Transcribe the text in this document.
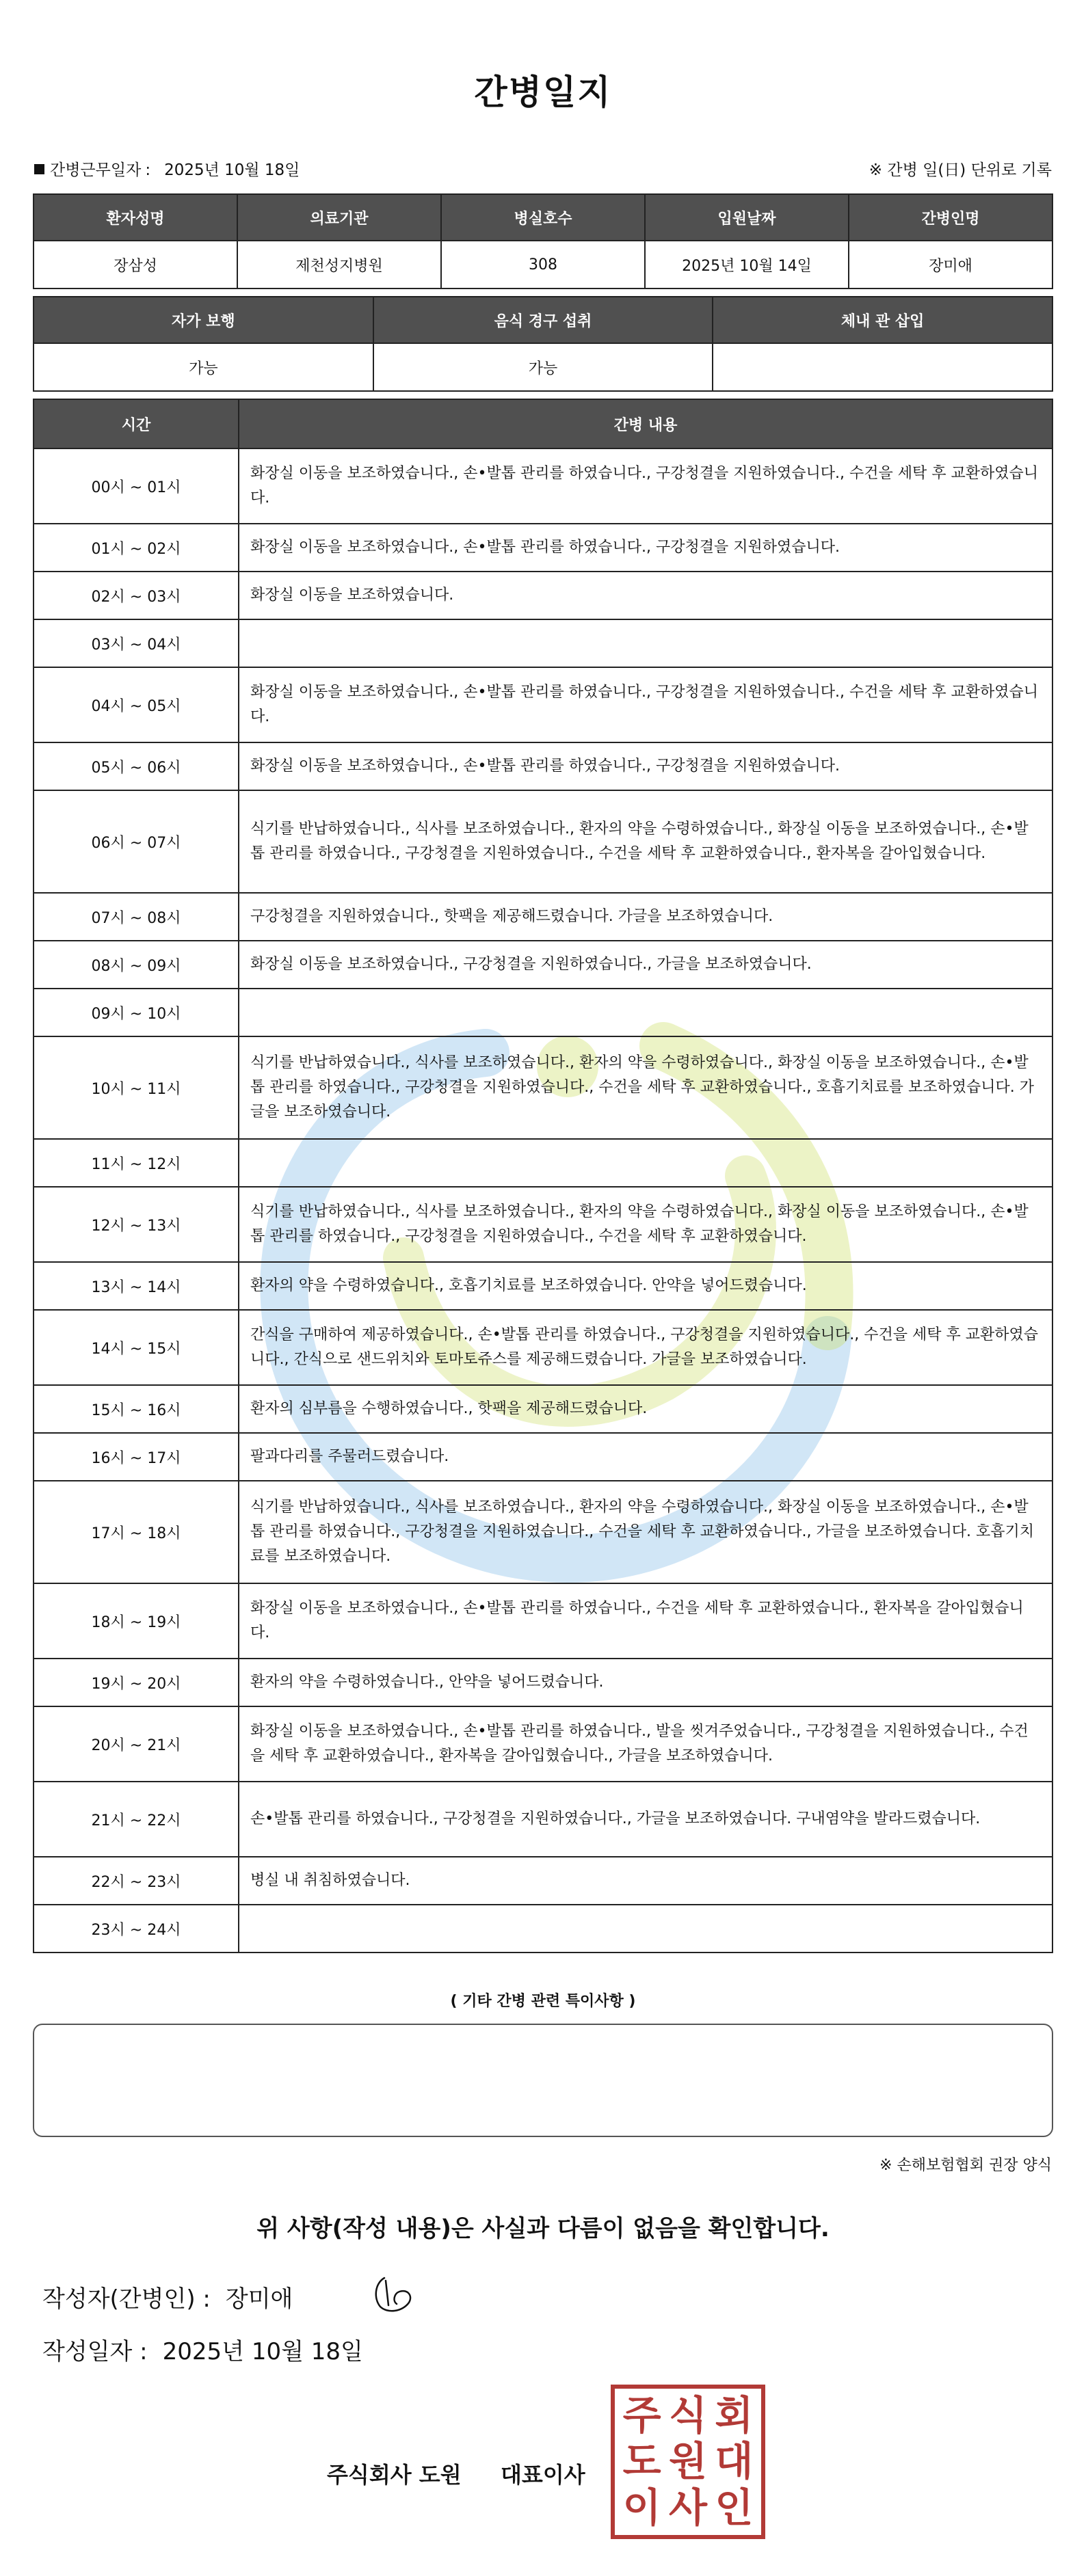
간병일지
간병근무일자 : 2025년 10월 18일	※ 간병 일(日) 단위로 기록
환자성명	의료기관	병실호수	입원날짜	간병인명
장삼성	제천성지병원	308	2025년 10월 14일	장미애
자가 보행	음식 경구 섭취	체내 관 삽입
가능	가능	
시간	간병 내용
00시 ~ 01시	화장실 이동을 보조하였습니다., 손•발톱 관리를 하였습니다., 구강청결을 지원하였습니다., 수건을 세탁 후 교환하였습니다.
01시 ~ 02시	화장실 이동을 보조하였습니다., 손•발톱 관리를 하였습니다., 구강청결을 지원하였습니다.
02시 ~ 03시	화장실 이동을 보조하였습니다.
03시 ~ 04시	
04시 ~ 05시	화장실 이동을 보조하였습니다., 손•발톱 관리를 하였습니다., 구강청결을 지원하였습니다., 수건을 세탁 후 교환하였습니다.
05시 ~ 06시	화장실 이동을 보조하였습니다., 손•발톱 관리를 하였습니다., 구강청결을 지원하였습니다.
06시 ~ 07시	식기를 반납하였습니다., 식사를 보조하였습니다., 환자의 약을 수령하였습니다., 화장실 이동을 보조하였습니다., 손•발톱 관리를 하였습니다., 구강청결을 지원하였습니다., 수건을 세탁 후 교환하였습니다., 환자복을 갈아입혔습니다.
07시 ~ 08시	구강청결을 지원하였습니다., 핫팩을 제공해드렸습니다. 가글을 보조하였습니다.
08시 ~ 09시	화장실 이동을 보조하였습니다., 구강청결을 지원하였습니다., 가글을 보조하였습니다.
09시 ~ 10시	
10시 ~ 11시	식기를 반납하였습니다., 식사를 보조하였습니다., 환자의 약을 수령하였습니다., 화장실 이동을 보조하였습니다., 손•발톱 관리를 하였습니다., 구강청결을 지원하였습니다., 수건을 세탁 후 교환하였습니다., 호흡기치료를 보조하였습니다. 가글을 보조하였습니다.
11시 ~ 12시	
12시 ~ 13시	식기를 반납하였습니다., 식사를 보조하였습니다., 환자의 약을 수령하였습니다., 화장실 이동을 보조하였습니다., 손•발톱 관리를 하였습니다., 구강청결을 지원하였습니다., 수건을 세탁 후 교환하였습니다.
13시 ~ 14시	환자의 약을 수령하였습니다., 호흡기치료를 보조하였습니다. 안약을 넣어드렸습니다.
14시 ~ 15시	간식을 구매하여 제공하였습니다., 손•발톱 관리를 하였습니다., 구강청결을 지원하였습니다., 수건을 세탁 후 교환하였습니다., 간식으로 샌드위치와 토마토쥬스를 제공해드렸습니다. 가글을 보조하였습니다.
15시 ~ 16시	환자의 심부름을 수행하였습니다., 핫팩을 제공해드렸습니다.
16시 ~ 17시	팔과다리를 주물러드렸습니다.
17시 ~ 18시	식기를 반납하였습니다., 식사를 보조하였습니다., 환자의 약을 수령하였습니다., 화장실 이동을 보조하였습니다., 손•발톱 관리를 하였습니다., 구강청결을 지원하였습니다., 수건을 세탁 후 교환하였습니다., 가글을 보조하였습니다. 호흡기치료를 보조하였습니다.
18시 ~ 19시	화장실 이동을 보조하였습니다., 손•발톱 관리를 하였습니다., 수건을 세탁 후 교환하였습니다., 환자복을 갈아입혔습니다.
19시 ~ 20시	환자의 약을 수령하였습니다., 안약을 넣어드렸습니다.
20시 ~ 21시	화장실 이동을 보조하였습니다., 손•발톱 관리를 하였습니다., 발을 씻겨주었습니다., 구강청결을 지원하였습니다., 수건을 세탁 후 교환하였습니다., 환자복을 갈아입혔습니다., 가글을 보조하였습니다.
21시 ~ 22시	손•발톱 관리를 하였습니다., 구강청결을 지원하였습니다., 가글을 보조하였습니다. 구내염약을 발라드렸습니다.
22시 ~ 23시	병실 내 취침하였습니다.
23시 ~ 24시	
( 기타 간병 관련 특이사항 )
※ 손해보험협회 권장 양식
위 사항(작성 내용)은 사실과 다름이 없음을 확인합니다.
작성자(간병인) : 장미애
작성일자 : 2025년 10월 18일
주식회사 도원 대표이사
주 식 회
도 원 대
이 사 인
